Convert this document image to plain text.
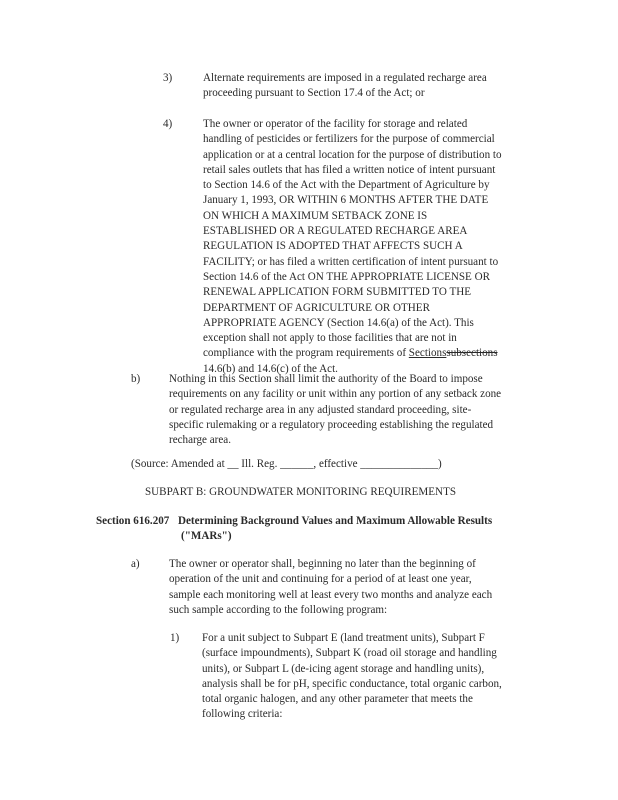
3)	Alternate requirements are imposed in a regulated recharge area
proceeding pursuant to Section 17.4 of the Act; or
4)	The owner or operator of the facility for storage and related
handling of pesticides or fertilizers for the purpose of commercial
application or at a central location for the purpose of distribution to
retail sales outlets that has filed a written notice of intent pursuant
to Section 14.6 of the Act with the Department of Agriculture by
January 1, 1993, OR WITHIN 6 MONTHS AFTER THE DATE
ON WHICH A MAXIMUM SETBACK ZONE IS
ESTABLISHED OR A REGULATED RECHARGE AREA
REGULATION IS ADOPTED THAT AFFECTS SUCH A
FACILITY; or has filed a written certification of intent pursuant to
Section 14.6 of the Act ON THE APPROPRIATE LICENSE OR
RENEWAL APPLICATION FORM SUBMITTED TO THE
DEPARTMENT OF AGRICULTURE OR OTHER
APPROPRIATE AGENCY (Section 14.6(a) of the Act). This
exception shall not apply to those facilities that are not in
compliance with the program requirements of Sectionssubsections
14.6(b) and 14.6(c) of the Act.
b)	Nothing in this Section shall limit the authority of the Board to impose
requirements on any facility or unit within any portion of any setback zone
or regulated recharge area in any adjusted standard proceeding, site-
specific rulemaking or a regulatory proceeding establishing the regulated
recharge area.
(Source: Amended at __ Ill. Reg. ______, effective ______________)
SUBPART B: GROUNDWATER MONITORING REQUIREMENTS
Section 616.207 Determining Background Values and Maximum Allowable Results
("MARs")
a)	The owner or operator shall, beginning no later than the beginning of
operation of the unit and continuing for a period of at least one year,
sample each monitoring well at least every two months and analyze each
such sample according to the following program:
1) For a unit subject to Subpart E (land treatment units), Subpart F
(surface impoundments), Subpart K (road oil storage and handling
units), or Subpart L (de-icing agent storage and handling units),
analysis shall be for pH, specific conductance, total organic carbon,
total organic halogen, and any other parameter that meets the
following criteria:
